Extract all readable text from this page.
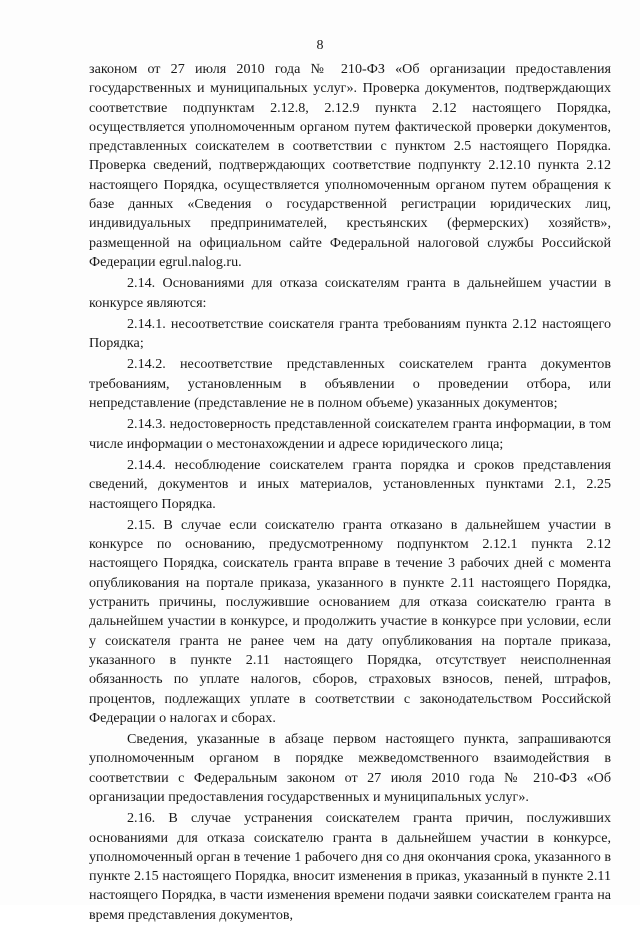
8

законом от 27 июля 2010 года № 210-ФЗ «Об организации предоставления государственных и муниципальных услуг». Проверка документов, подтверждающих соответствие подпунктам 2.12.8, 2.12.9 пункта 2.12 настоящего Порядка, осуществляется уполномоченным органом путем фактической проверки документов, представленных соискателем в соответствии с пунктом 2.5 настоящего Порядка. Проверка сведений, подтверждающих соответствие подпункту 2.12.10 пункта 2.12 настоящего Порядка, осуществляется уполномоченным органом путем обращения к базе данных «Сведения о государственной регистрации юридических лиц, индивидуальных предпринимателей, крестьянских (фермерских) хозяйств», размещенной на официальном сайте Федеральной налоговой службы Российской Федерации egrul.nalog.ru.

2.14. Основаниями для отказа соискателям гранта в дальнейшем участии в конкурсе являются:

2.14.1. несоответствие соискателя гранта требованиям пункта 2.12 настоящего Порядка;

2.14.2. несоответствие представленных соискателем гранта документов требованиям, установленным в объявлении о проведении отбора, или непредставление (представление не в полном объеме) указанных документов;

2.14.3. недостоверность представленной соискателем гранта информации, в том числе информации о местонахождении и адресе юридического лица;

2.14.4. несоблюдение соискателем гранта порядка и сроков представления сведений, документов и иных материалов, установленных пунктами 2.1, 2.25 настоящего Порядка.

2.15. В случае если соискателю гранта отказано в дальнейшем участии в конкурсе по основанию, предусмотренному подпунктом 2.12.1 пункта 2.12 настоящего Порядка, соискатель гранта вправе в течение 3 рабочих дней с момента опубликования на портале приказа, указанного в пункте 2.11 настоящего Порядка, устранить причины, послужившие основанием для отказа соискателю гранта в дальнейшем участии в конкурсе, и продолжить участие в конкурсе при условии, если у соискателя гранта не ранее чем на дату опубликования на портале приказа, указанного в пункте 2.11 настоящего Порядка, отсутствует неисполненная обязанность по уплате налогов, сборов, страховых взносов, пеней, штрафов, процентов, подлежащих уплате в соответствии с законодательством Российской Федерации о налогах и сборах.

Сведения, указанные в абзаце первом настоящего пункта, запрашиваются уполномоченным органом в порядке межведомственного взаимодействия в соответствии с Федеральным законом от 27 июля 2010 года № 210-ФЗ «Об организации предоставления государственных и муниципальных услуг».

2.16. В случае устранения соискателем гранта причин, послуживших основаниями для отказа соискателю гранта в дальнейшем участии в конкурсе, уполномоченный орган в течение 1 рабочего дня со дня окончания срока, указанного в пункте 2.15 настоящего Порядка, вносит изменения в приказ, указанный в пункте 2.11 настоящего Порядка, в части изменения времени подачи заявки соискателем гранта на время представления документов,
